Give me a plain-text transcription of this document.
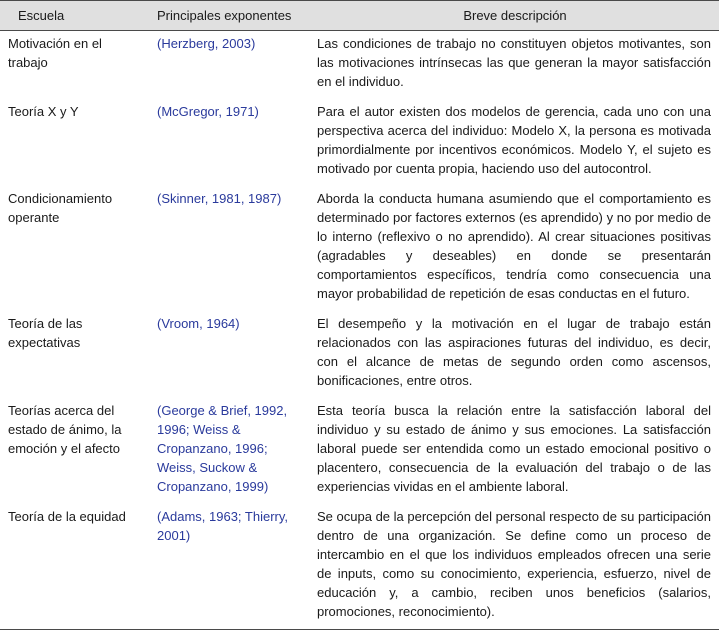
Escuela	Principales exponentes	Breve descripción
Motivación en el trabajo	(Herzberg, 2003)	Las condiciones de trabajo no constituyen objetos motivantes, son las motivaciones intrínsecas las que generan la mayor satisfacción en el individuo.
Teoría X y Y	(McGregor, 1971)	Para el autor existen dos modelos de gerencia, cada uno con una perspectiva acerca del individuo: Modelo X, la persona es motivada primordialmente por incentivos económicos. Modelo Y, el sujeto es motivado por cuenta propia, haciendo uso del autocontrol.
Condicionamiento operante	(Skinner, 1981, 1987)	Aborda la conducta humana asumiendo que el comportamiento es determinado por factores externos (es aprendido) y no por medio de lo interno (reflexivo o no aprendido). Al crear situaciones positivas (agradables y deseables) en donde se presentarán comportamientos específicos, tendría como consecuencia una mayor probabilidad de repetición de esas conductas en el futuro.
Teoría de las expectativas	(Vroom, 1964)	El desempeño y la motivación en el lugar de trabajo están relacionados con las aspiraciones futuras del individuo, es decir, con el alcance de metas de segundo orden como ascensos, bonificaciones, entre otros.
Teorías acerca del estado de ánimo, la emoción y el afecto	(George & Brief, 1992, 1996; Weiss & Cropanzano, 1996; Weiss, Suckow & Cropanzano, 1999)	Esta teoría busca la relación entre la satisfacción laboral del individuo y su estado de ánimo y sus emociones. La satisfacción laboral puede ser entendida como un estado emocional positivo o placentero, consecuencia de la evaluación del trabajo o de las experiencias vividas en el ambiente laboral.
Teoría de la equidad	(Adams, 1963; Thierry, 2001)	Se ocupa de la percepción del personal respecto de su participación dentro de una organización. Se define como un proceso de intercambio en el que los individuos empleados ofrecen una serie de inputs, como su conocimiento, experiencia, esfuerzo, nivel de educación y, a cambio, reciben unos beneficios (salarios, promociones, reconocimiento).
